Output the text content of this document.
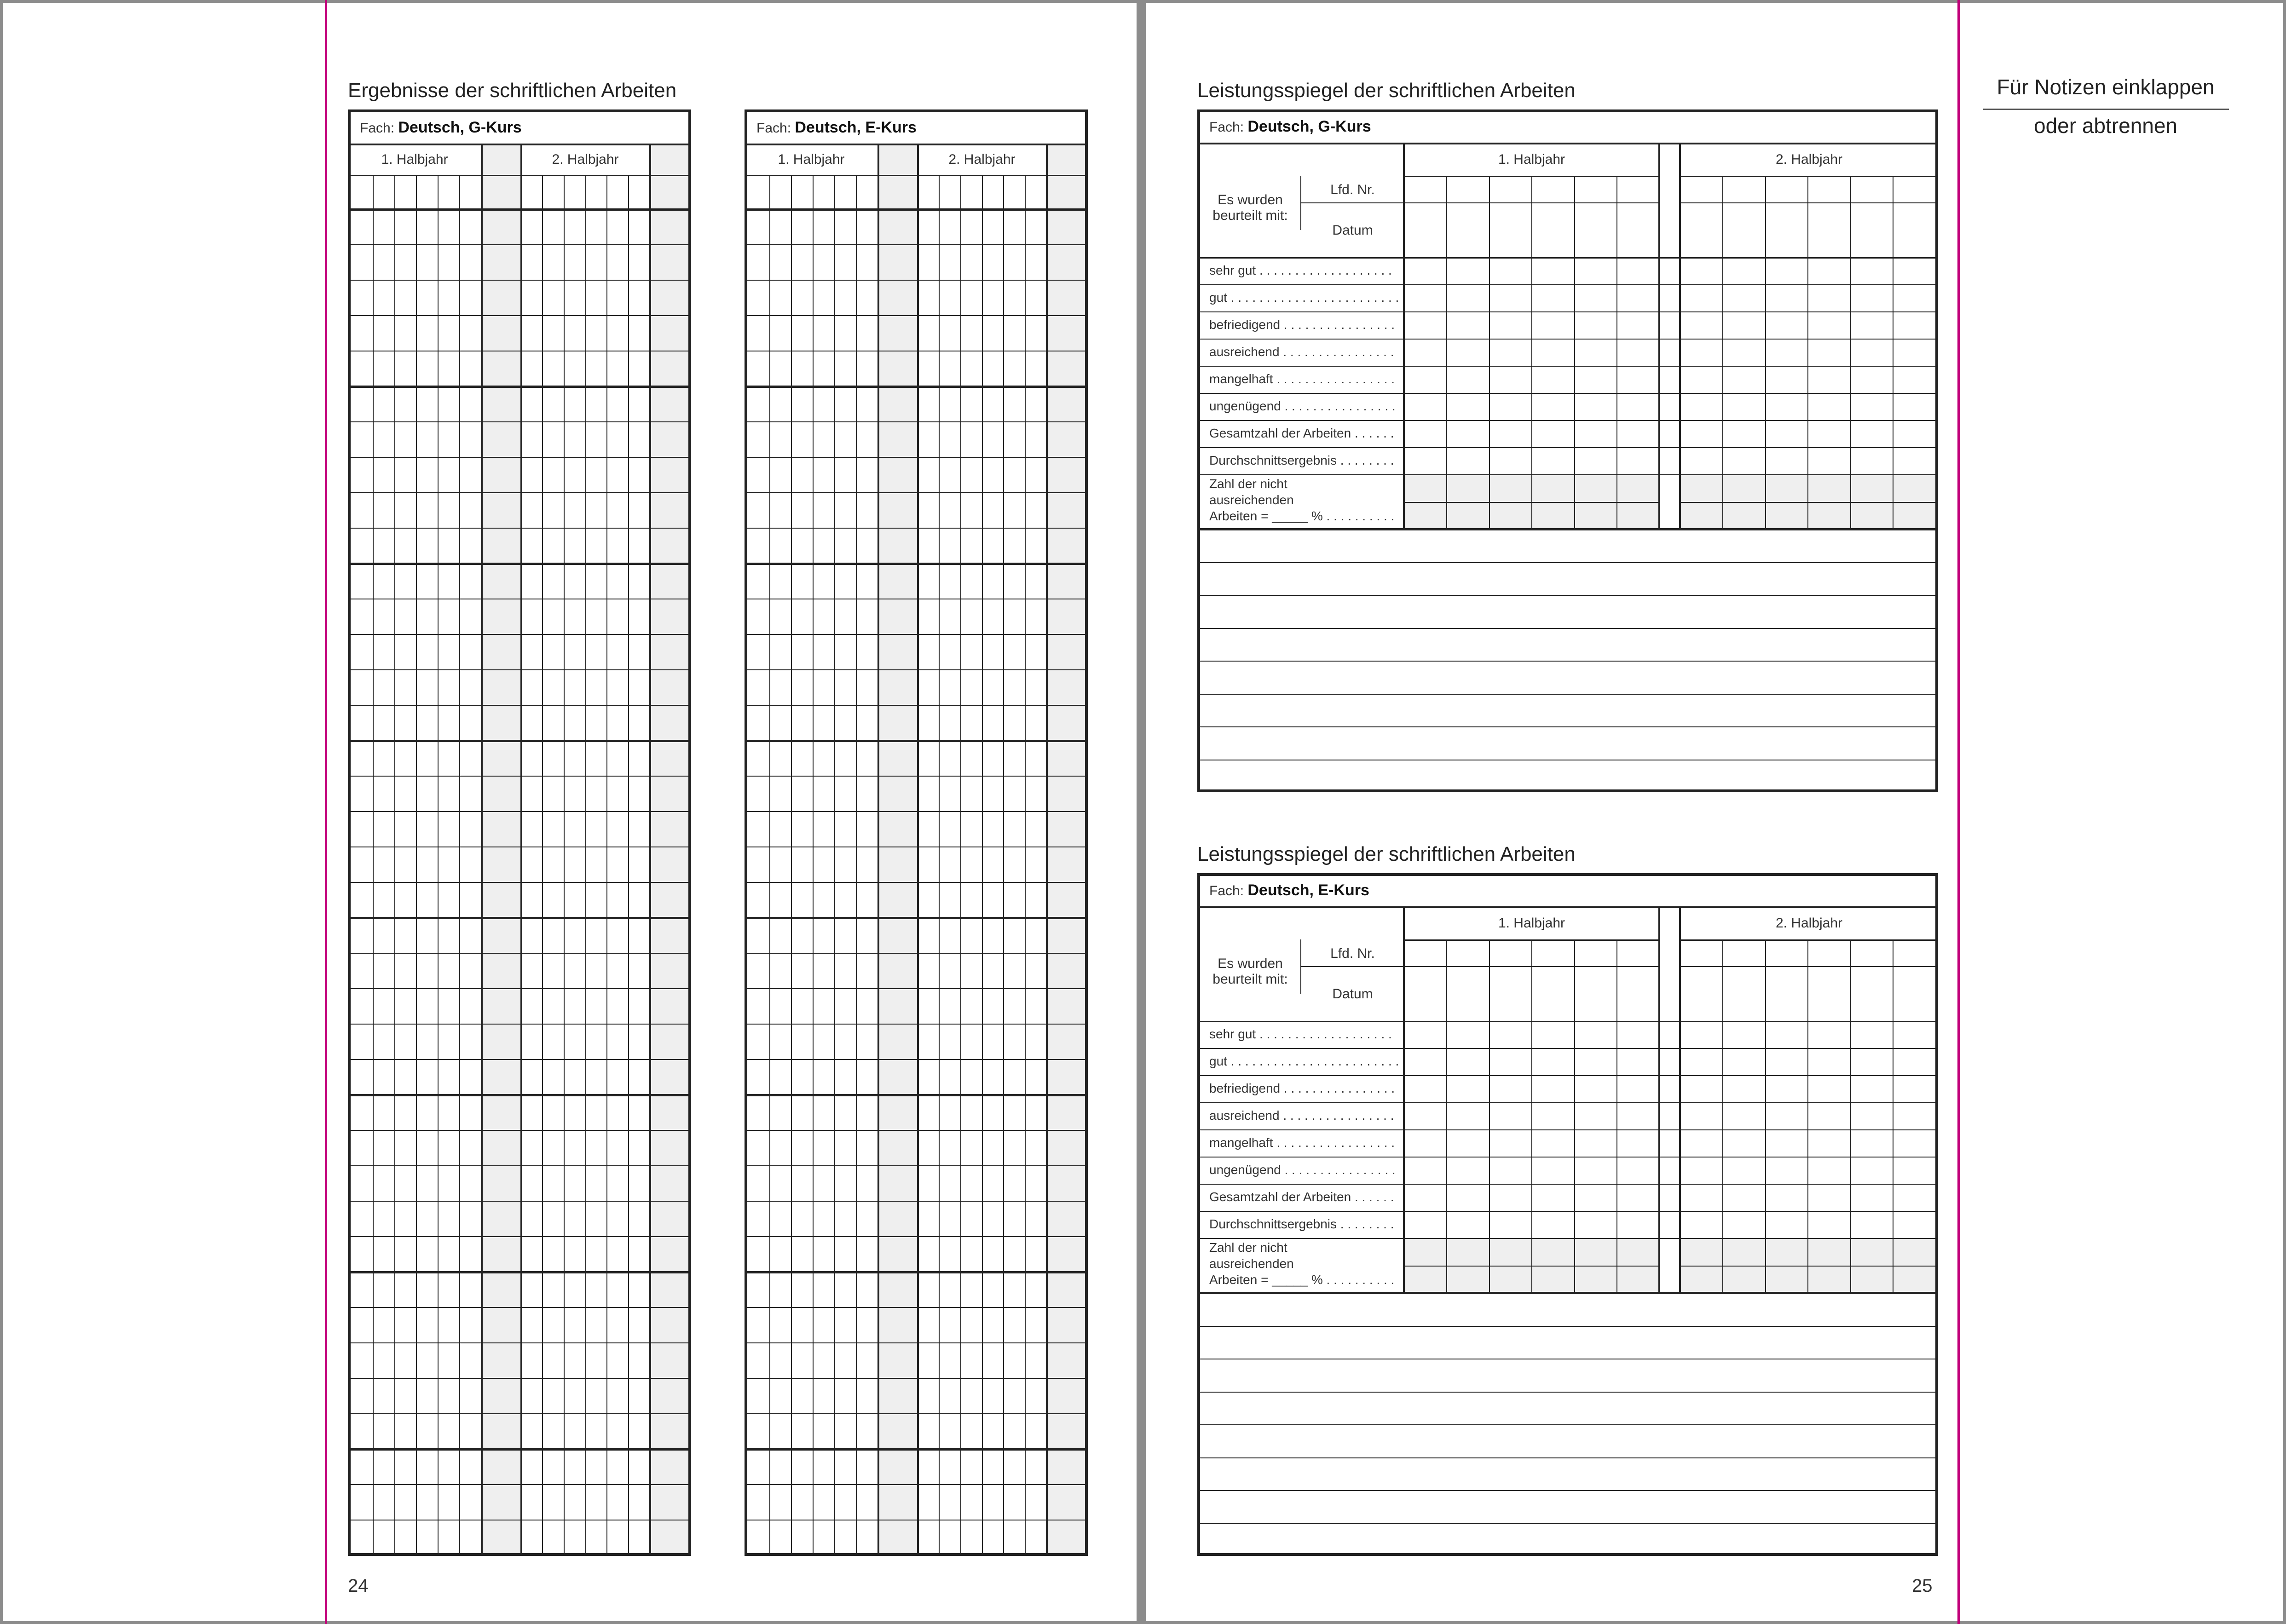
Ergebnisse der schriftlichen Arbeiten
Fach: Deutsch, G-Kurs
1. Halbjahr	2. Halbjahr
Fach: Deutsch, E-Kurs
1. Halbjahr	2. Halbjahr
24
Leistungsspiegel der schriftlichen Arbeiten
Fach: Deutsch, G-Kurs
1. Halbjahr	2. Halbjahr
Es wurden beurteilt mit:
Lfd. Nr.
Datum
sehr gut . . . . . . . . . . . . . . . . . . .
gut . . . . . . . . . . . . . . . . . . . . . . . .
befriedigend . . . . . . . . . . . . . . . .
ausreichend . . . . . . . . . . . . . . . .
mangelhaft . . . . . . . . . . . . . . . . .
ungenügend . . . . . . . . . . . . . . . .
Gesamtzahl der Arbeiten . . . . . .
Durchschnittsergebnis . . . . . . . .
Zahl der nicht
ausreichenden
Arbeiten = _____ % . . . . . . . . . .
Leistungsspiegel der schriftlichen Arbeiten
Fach: Deutsch, E-Kurs
1. Halbjahr	2. Halbjahr
Es wurden beurteilt mit:
Lfd. Nr.
Datum
sehr gut . . . . . . . . . . . . . . . . . . .
gut . . . . . . . . . . . . . . . . . . . . . . . .
befriedigend . . . . . . . . . . . . . . . .
ausreichend . . . . . . . . . . . . . . . .
mangelhaft . . . . . . . . . . . . . . . . .
ungenügend . . . . . . . . . . . . . . . .
Gesamtzahl der Arbeiten . . . . . .
Durchschnittsergebnis . . . . . . . .
Zahl der nicht
ausreichenden
Arbeiten = _____ % . . . . . . . . . .
25
Für Notizen einklappen
oder abtrennen
